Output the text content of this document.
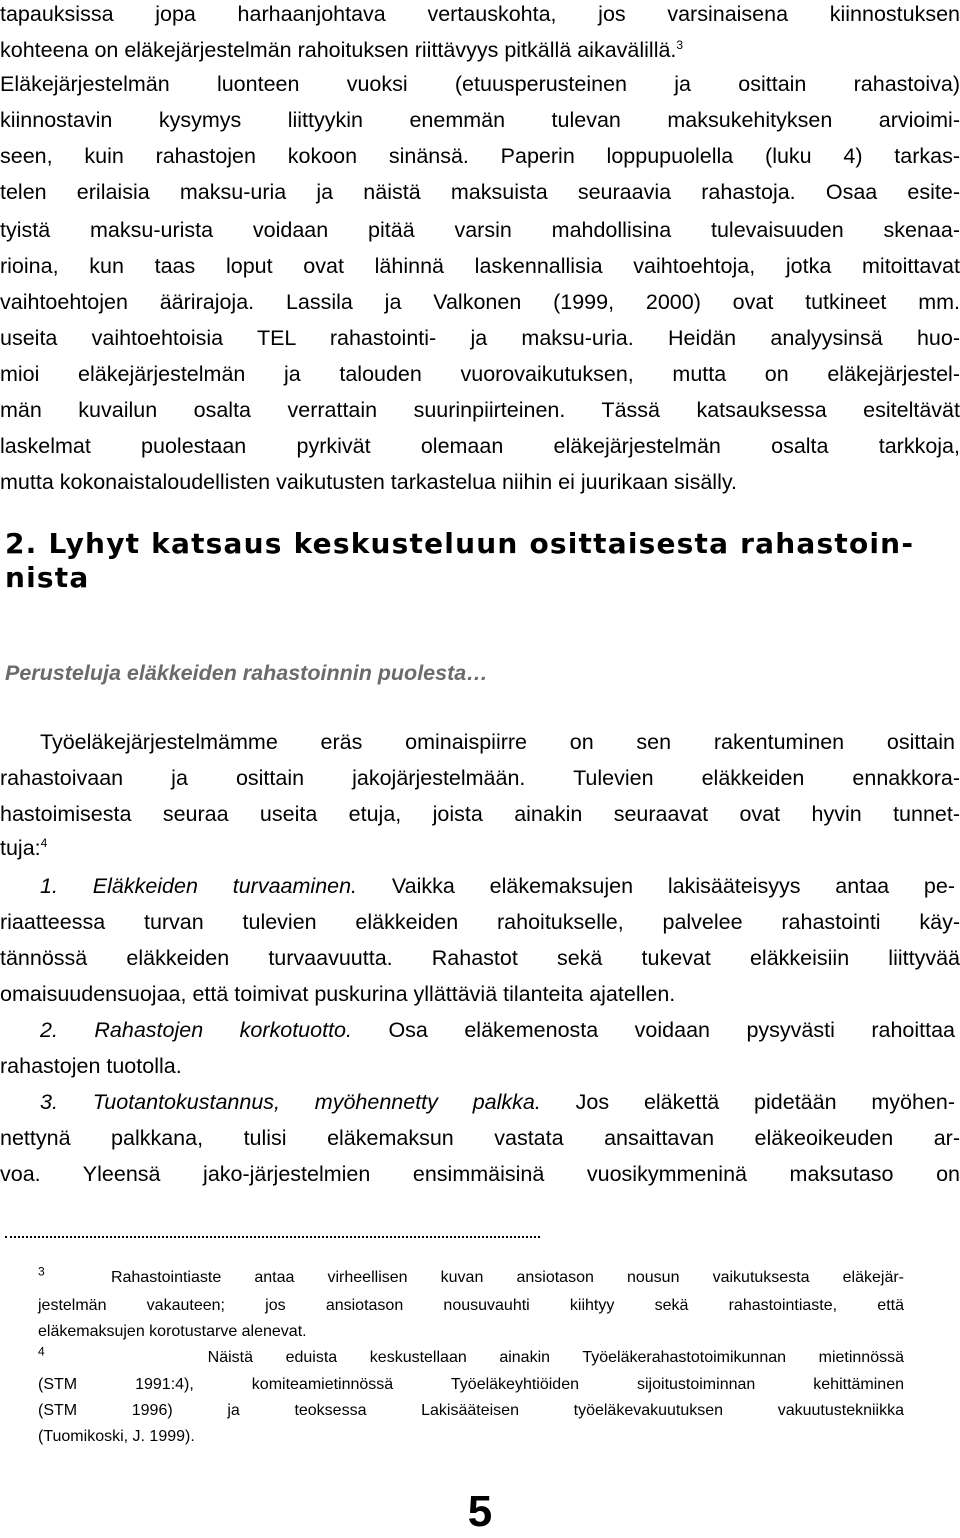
tapauksissa jopa harhaanjohtava vertauskohta, jos varsinaisena kiinnostuksen

kohteena on eläkejärjestelmän rahoituksen riittävyys pitkällä aikavälillä.$^3$

Eläkejärjestelmän luonteen vuoksi (etuusperusteinen ja osittain rahastoiva)

kiinnostavin kysymys liittyykin enemmän tulevan maksukehityksen arvioimi-

seen, kuin rahastojen kokoon sinänsä. Paperin loppupuolella (luku 4) tarkas-

telen erilaisia maksu-uria ja näistä maksuista seuraavia rahastoja. Osaa esite-

tyistä maksu-urista voidaan pitää varsin mahdollisina tulevaisuuden skenaa-

rioina, kun taas loput ovat lähinnä laskennallisia vaihtoehtoja, jotka mitoittavat

vaihtoehtojen äärirajoja. Lassila ja Valkonen (1999, 2000) ovat tutkineet mm.

useita vaihtoehtoisia TEL rahastointi- ja maksu-uria. Heidän analyysinsä huo-

mioi eläkejärjestelmän ja talouden vuorovaikutuksen, mutta on eläkejärjestel-

män kuvailun osalta verrattain suurinpiirteinen. Tässä katsauksessa esiteltävät

laskelmat puolestaan pyrkivät olemaan eläkejärjestelmän osalta tarkkoja,

mutta kokonaistaloudellisten vaikutusten tarkastelua niihin ei juurikaan sisälly.

2. Lyhyt katsaus keskusteluun osittaisesta rahastoin-
nista
Perusteluja eläkkeiden rahastoinnin puolesta…

Työeläkejärjestelmämme eräs ominaispiirre on sen rakentuminen osittain

rahastoivaan ja osittain jakojärjestelmään. Tulevien eläkkeiden ennakkora-

hastoimisesta seuraa useita etuja, joista ainakin seuraavat ovat hyvin tunnet-

tuja:$^4$

1. Eläkkeiden turvaaminen. Vaikka eläkemaksujen lakisääteisyys antaa pe-

riaatteessa turvan tulevien eläkkeiden rahoitukselle, palvelee rahastointi käy-

tännössä eläkkeiden turvaavuutta. Rahastot sekä tukevat eläkkeisiin liittyvää

omaisuudensuojaa, että toimivat puskurina yllättäviä tilanteita ajatellen.

2. Rahastojen korkotuotto. Osa eläkemenosta voidaan pysyvästi rahoittaa

rahastojen tuotolla.

3. Tuotantokustannus, myöhennetty palkka. Jos eläkettä pidetään myöhen-

nettynä palkkana, tulisi eläkemaksun vastata ansaittavan eläkeoikeuden ar-

voa. Yleensä jako-järjestelmien ensimmäisinä vuosikymmeninä maksutaso on

$^3$	Rahastointiaste antaa virheellisen kuvan ansiotason nousun vaikutuksesta eläkejär-

jestelmän vakauteen; jos ansiotason nousuvauhti kiihtyy sekä rahastointiaste, että

eläkemaksujen korotustarve alenevat.

$^4$	Näistä eduista keskustellaan ainakin Työeläkerahastotoimikunnan mietinnössä

(STM 1991:4), komiteamietinnössä Työeläkeyhtiöiden sijoitustoiminnan kehittäminen

(STM 1996) ja teoksessa Lakisääteisen työeläkevakuutuksen vakuutustekniikka

(Tuomikoski, J. 1999).

5
